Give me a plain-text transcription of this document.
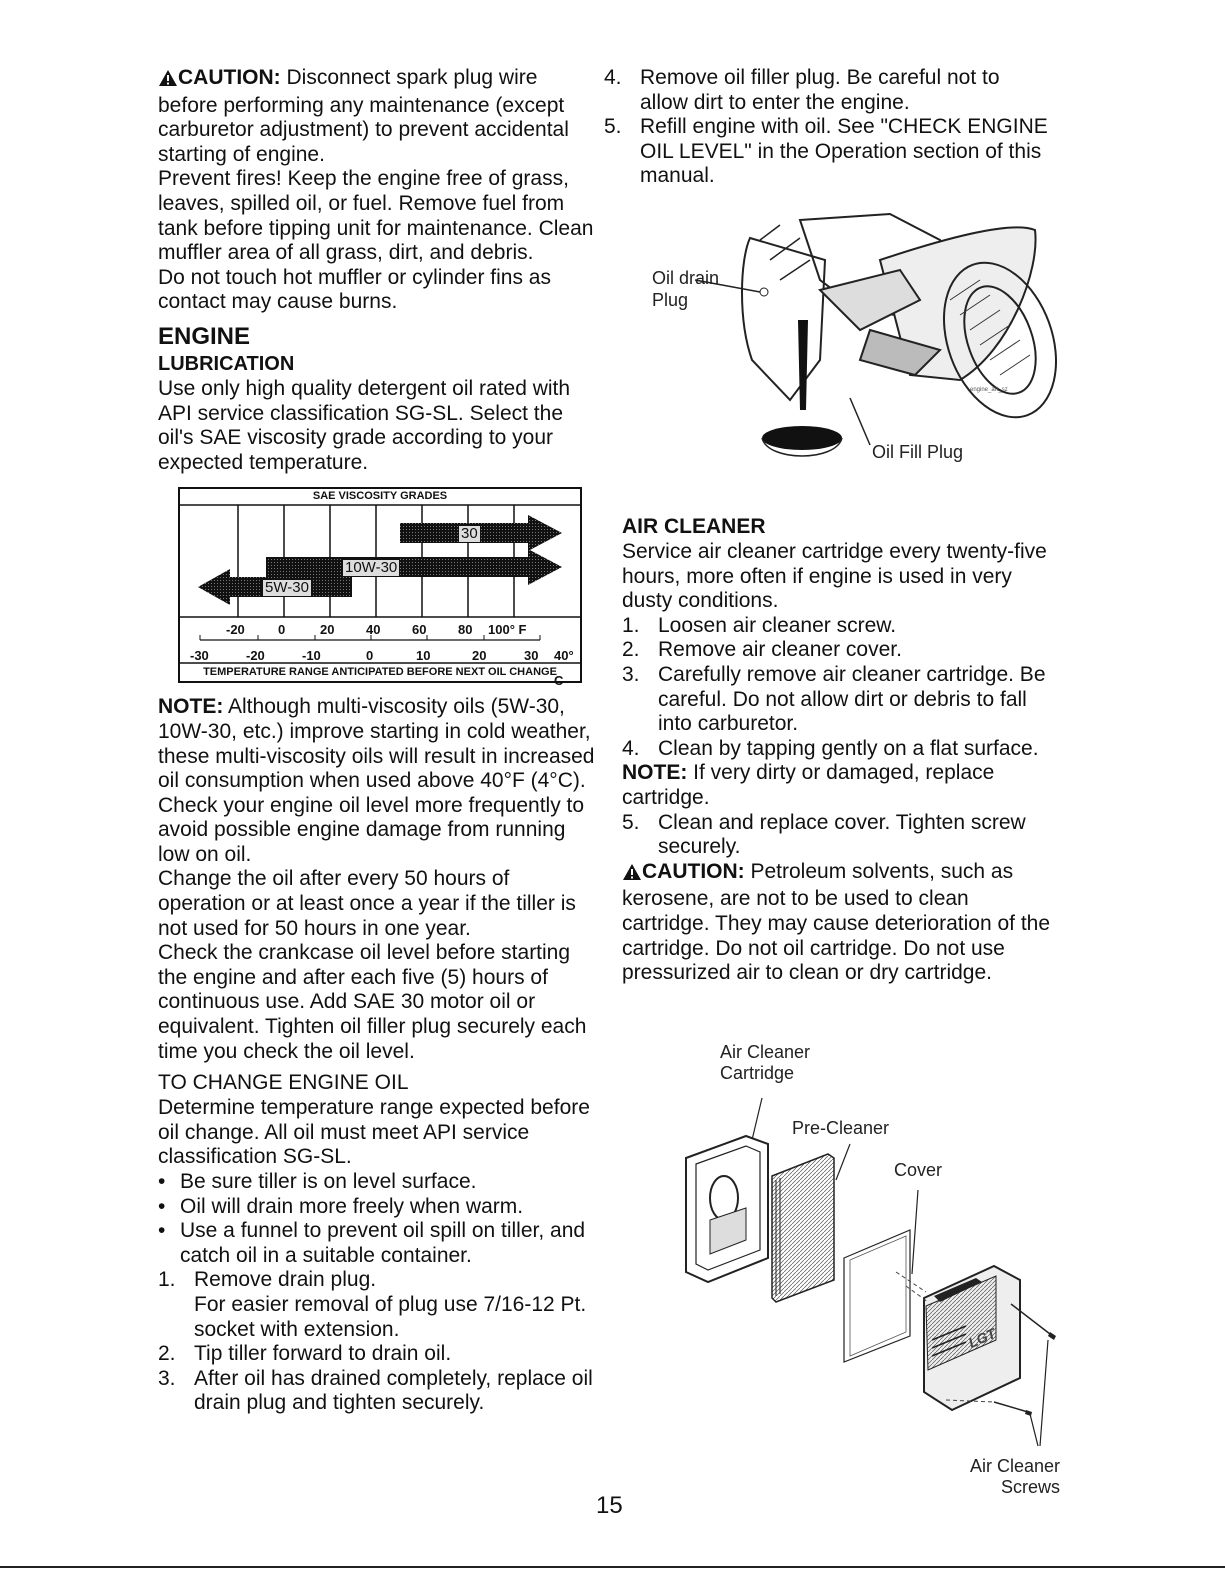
CAUTION: Disconnect spark plug wire before performing any maintenance (except carburetor adjustment) to prevent accidental starting of engine.

Prevent fires! Keep the engine free of grass, leaves, spilled oil, or fuel. Remove fuel from tank before tipping unit for maintenance. Clean muffler area of all grass, dirt, and debris.

Do not touch hot muffler or cylinder fins as contact may cause burns.

ENGINE
LUBRICATION

Use only high quality detergent oil rated with API service classification SG-SL. Select the oil's SAE viscosity grade according to your expected temperature.

SAE VISCOSITY GRADES
30
10W-30
5W-30
-20	0	20 40 60 80 100° F
-30	-20	-10	0	10	20	30 40° C
TEMPERATURE RANGE ANTICIPATED BEFORE NEXT OIL CHANGE

NOTE: Although multi-viscosity oils (5W-30, 10W-30, etc.) improve starting in cold weather, these multi-viscosity oils will result in increased oil consumption when used above 40°F (4°C). Check your engine oil level more frequently to avoid possible engine damage from running low on oil.

Change the oil after every 50 hours of operation or at least once a year if the tiller is not used for 50 hours in one year.

Check the crankcase oil level before starting the engine and after each five (5) hours of continuous use. Add SAE 30 motor oil or equivalent. Tighten oil filler plug securely each time you check the oil level.

TO CHANGE ENGINE OIL

Determine temperature range expected before oil change. All oil must meet API service classification SG-SL.

• Be sure tiller is on level surface.
• Oil will drain more freely when warm.
• Use a funnel to prevent oil spill on tiller, and catch oil in a suitable container.
1. Remove drain plug.
For easier removal of plug use 7/16-12 Pt. socket with extension.
2. Tip tiller forward to drain oil.
3. After oil has drained completely, replace oil drain plug and tighten securely.
4. Remove oil filler plug. Be careful not to allow dirt to enter the engine.
5. Refill engine with oil. See "CHECK ENGINE OIL LEVEL" in the Operation section of this manual.
Oil drain
Plug
Oil Fill Plug
engine_art_sz
AIR CLEANER

Service air cleaner cartridge every twenty-five hours, more often if engine is used in very dusty conditions.

1. Loosen air cleaner screw.
2. Remove air cleaner cover.
3. Carefully remove air cleaner cartridge. Be careful. Do not allow dirt or debris to fall into carburetor.
4. Clean by tapping gently on a flat surface.

NOTE: If very dirty or damaged, replace cartridge.

5. Clean and replace cover. Tighten screw securely.

CAUTION: Petroleum solvents, such as kerosene, are not to be used to clean cartridge. They may cause deterioration of the cartridge. Do not oil cartridge. Do not use pressurized air to clean or dry cartridge.

Air Cleaner Cartridge
Pre-Cleaner
Cover
Air Cleaner Screws
LGT
15
